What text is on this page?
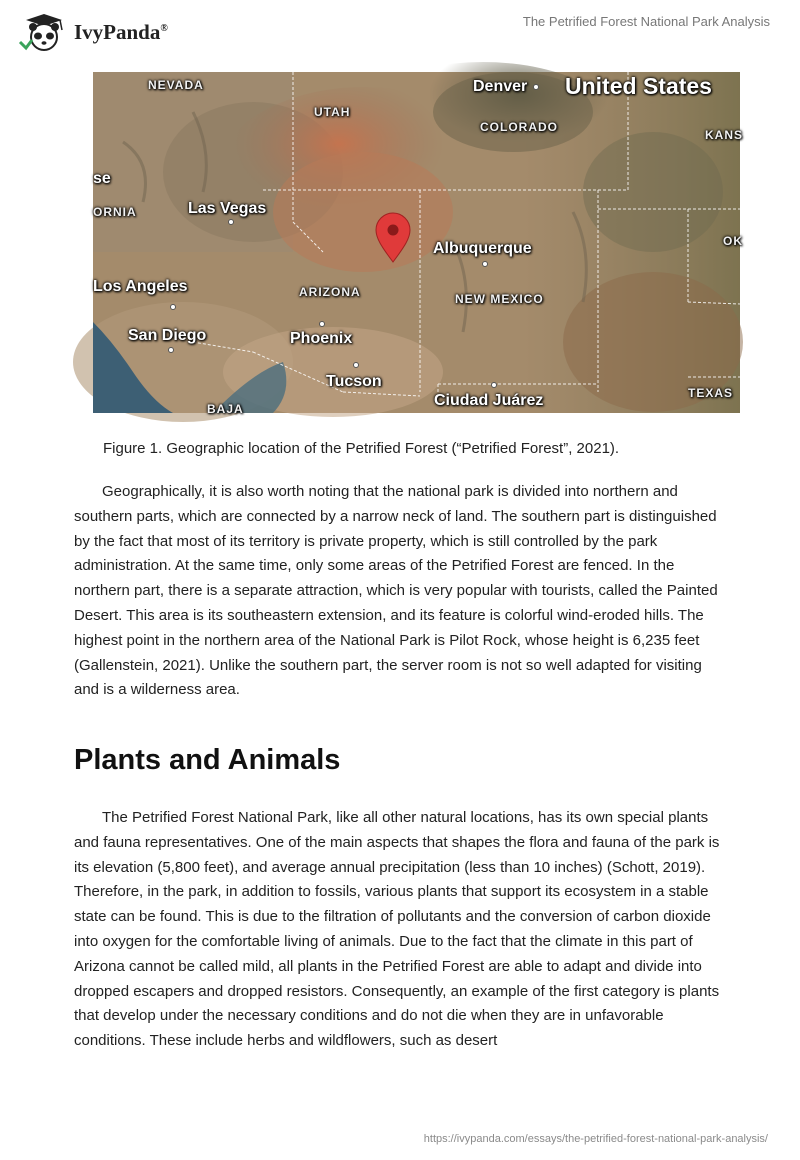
IvyPanda®	The Petrified Forest National Park Analysis
NEVADA
UTAH
Denver United States
COLORADO
KANS
se
ORNIA	Las Vegas
Albuquerque	OK
Los Angeles	ARIZONA	NEW MEXICO
San Diego	Phoenix
Tucson
TEXAS
BAJA	Ciudad Juárez
Figure 1. Geographic location of the Petrified Forest (“Petrified Forest”, 2021).

Geographically, it is also worth noting that the national park is divided into northern and southern parts, which are connected by a narrow neck of land. The southern part is distinguished by the fact that most of its territory is private property, which is still controlled by the park administration. At the same time, only some areas of the Petrified Forest are fenced. In the northern part, there is a separate attraction, which is very popular with tourists, called the Painted Desert. This area is its southeastern extension, and its feature is colorful wind-eroded hills. The highest point in the northern area of the National Park is Pilot Rock, whose height is 6,235 feet (Gallenstein, 2021). Unlike the southern part, the server room is not so well adapted for visiting and is a wilderness area.

Plants and Animals

The Petrified Forest National Park, like all other natural locations, has its own special plants and fauna representatives. One of the main aspects that shapes the flora and fauna of the park is its elevation (5,800 feet), and average annual precipitation (less than 10 inches) (Schott, 2019). Therefore, in the park, in addition to fossils, various plants that support its ecosystem in a stable state can be found. This is due to the filtration of pollutants and the conversion of carbon dioxide into oxygen for the comfortable living of animals. Due to the fact that the climate in this part of Arizona cannot be called mild, all plants in the Petrified Forest are able to adapt and divide into dropped escapers and dropped resistors. Consequently, an example of the first category is plants that develop under the necessary conditions and do not die when they are in unfavorable conditions. These include herbs and wildflowers, such as desert

https://ivypanda.com/essays/the-petrified-forest-national-park-analysis/
